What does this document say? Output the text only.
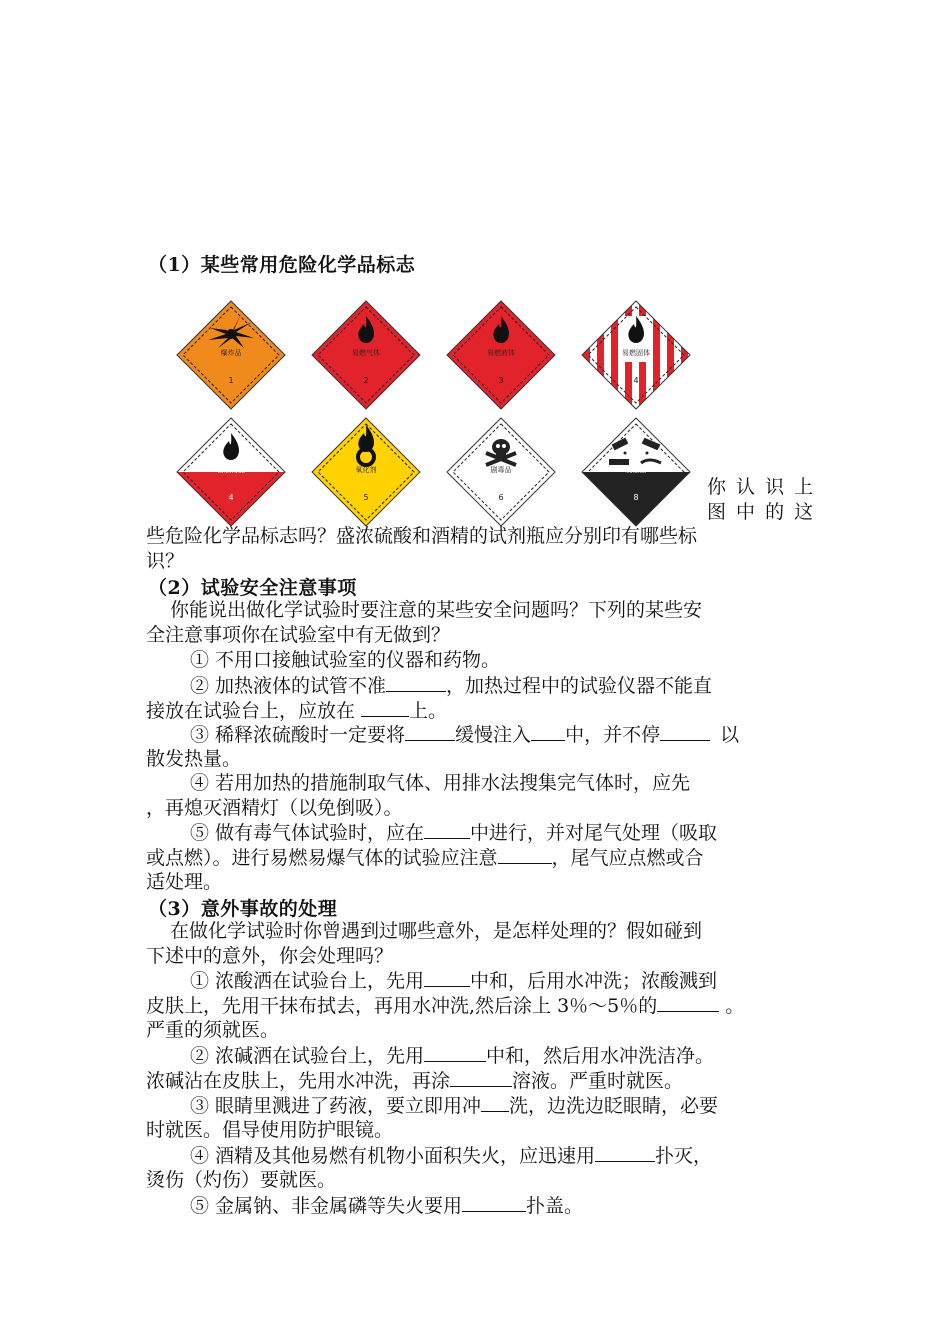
（1）某些常用危险化学品标志
爆炸品
1
易燃气体
2
易燃液体
3
易燃固体
4
自燃物品
4
氧化剂
5
剧毒品
6
腐蚀品
8	你 认 识 上
图 中 的 这
些危险化学品标志吗？盛浓硫酸和酒精的试剂瓶应分别印有哪些标
识？
（2）试验安全注意事项
你能说出做化学试验时要注意的某些安全问题吗？下列的某些安
全注意事项你在试验室中有无做到？
① 不用口接触试验室的仪器和药物。
② 加热液体的试管不准	，加热过程中的试验仪器不能直
接放在试验台上，应放在	上。
③ 稀释浓硫酸时一定要将	缓慢注入 中，并不停	以
散发热量。
④ 若用加热的措施制取气体、用排水法搜集完气体时，应先
，再熄灭酒精灯（以免倒吸）。
⑤ 做有毒气体试验时，应在 中进行，并对尾气处理（吸取
或点燃）。进行易燃易爆气体的试验应注意	，尾气应点燃或合
适处理。
（3）意外事故的处理
在做化学试验时你曾遇到过哪些意外，是怎样处理的？假如碰到
下述中的意外，你会处理吗？
① 浓酸洒在试验台上，先用 中和，后用水冲洗；浓酸溅到
皮肤上，先用干抹布拭去，再用水冲洗,然后涂上 3％～5％的	。
严重的须就医。
② 浓碱洒在试验台上，先用	中和，然后用水冲洗洁净。
浓碱沾在皮肤上，先用水冲洗，再涂	溶液。严重时就医。
③ 眼睛里溅进了药液，要立即用冲 洗，边洗边眨眼睛，必要
时就医。倡导使用防护眼镜。
④ 酒精及其他易燃有机物小面积失火，应迅速用	扑灭，
烫伤（灼伤）要就医。
⑤ 金属钠、非金属磷等失火要用	扑盖。
